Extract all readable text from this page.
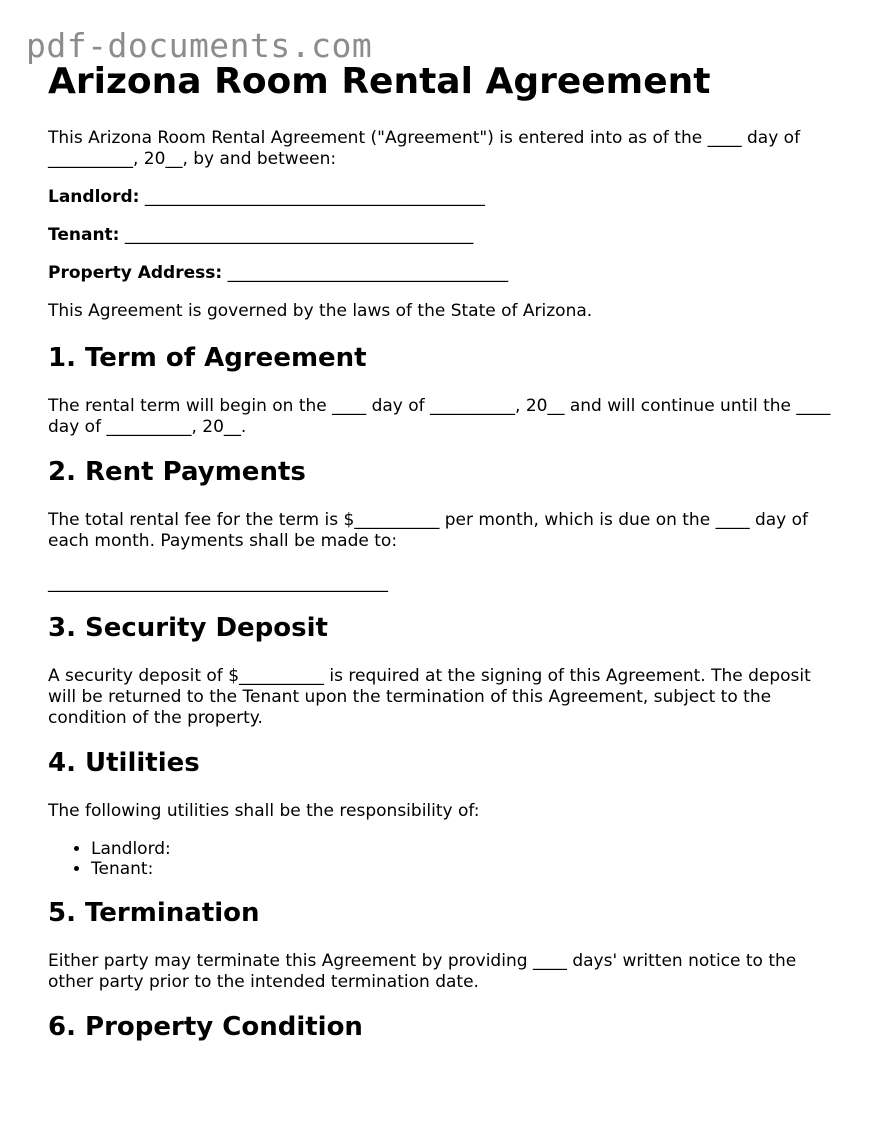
pdf-documents.com
Arizona Room Rental Agreement

This Arizona Room Rental Agreement ("Agreement") is entered into as of the ____ day of __________, 20__, by and between:

Landlord: ________________________________________

Tenant: _________________________________________

Property Address: _________________________________

This Agreement is governed by the laws of the State of Arizona.

1. Term of Agreement

The rental term will begin on the ____ day of __________, 20__ and will continue until the ____ day of __________, 20__.

2. Rent Payments

The total rental fee for the term is $__________ per month, which is due on the ____ day of each month. Payments shall be made to:

________________________________________

3. Security Deposit

A security deposit of $__________ is required at the signing of this Agreement. The deposit will be returned to the Tenant upon the termination of this Agreement, subject to the condition of the property.

4. Utilities

The following utilities shall be the responsibility of:

• Landlord:
• Tenant:
5. Termination

Either party may terminate this Agreement by providing ____ days' written notice to the other party prior to the intended termination date.

6. Property Condition
